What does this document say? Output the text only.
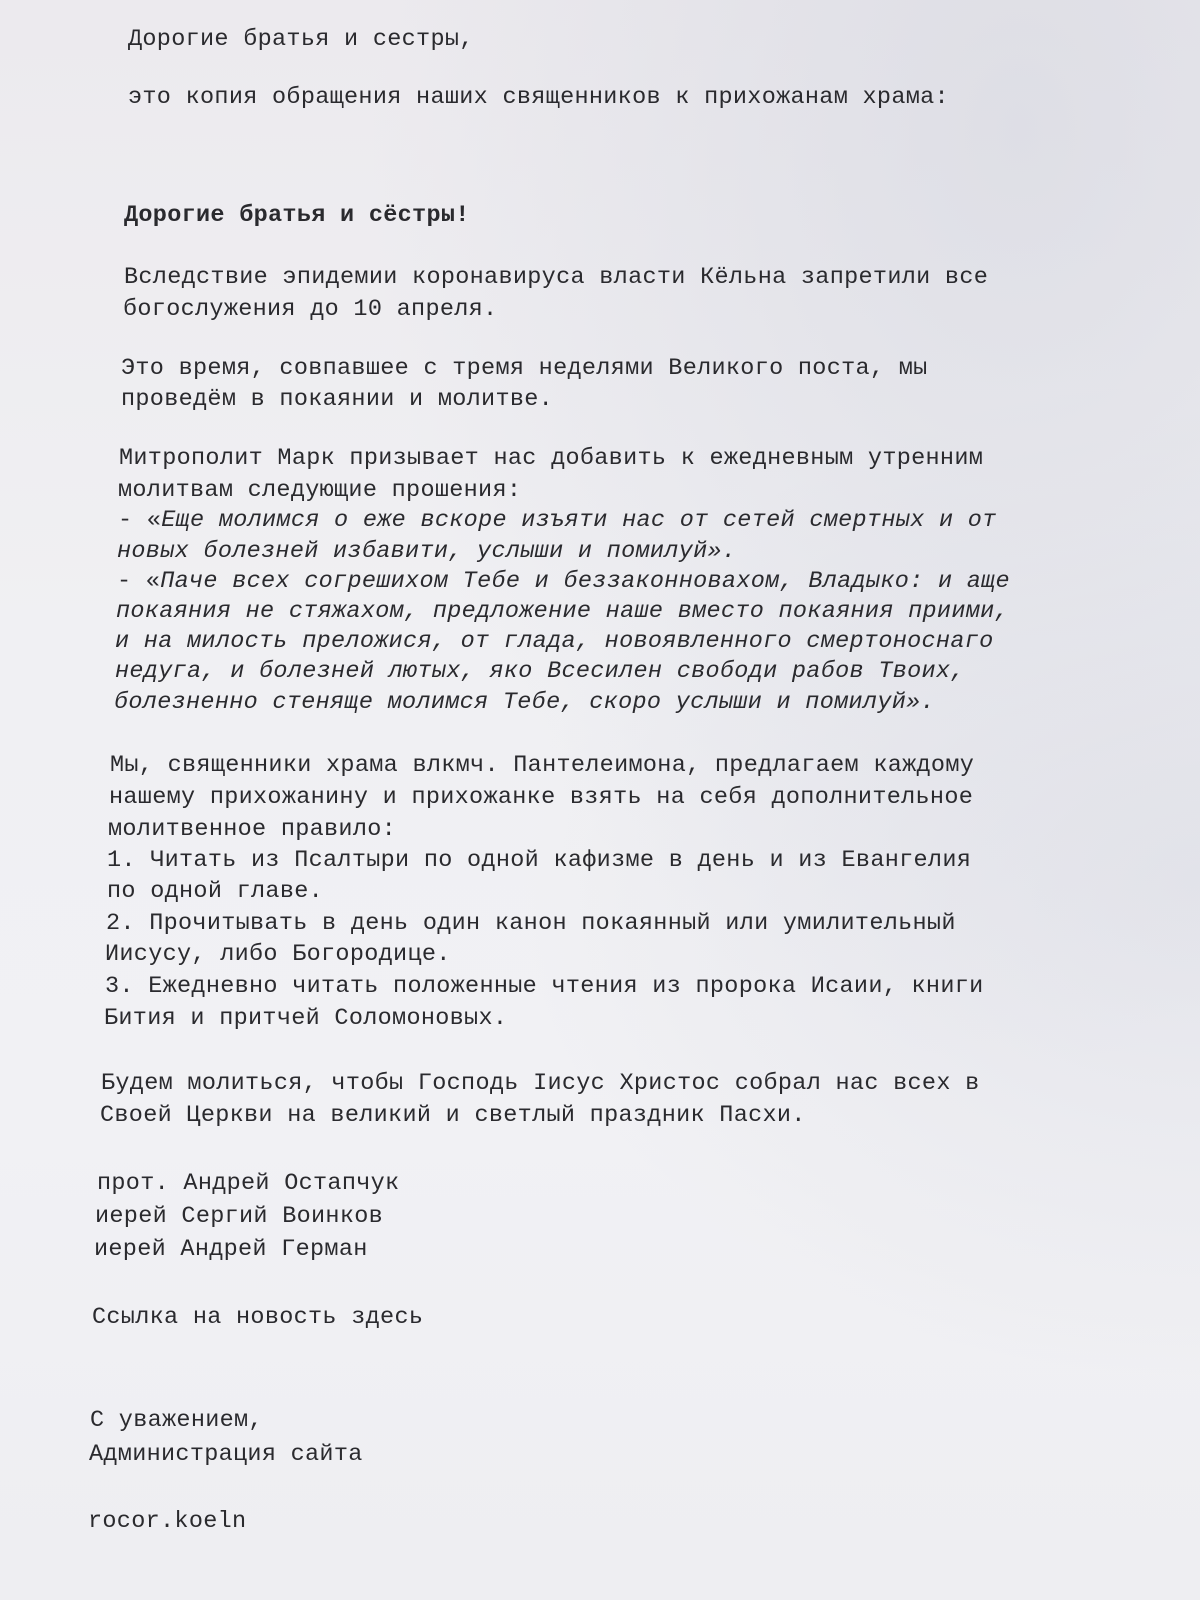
Дорогие братья и сестры,
это копия обращения наших священников к прихожанам храма:
Дорогие братья и сёстры!
Вследствие эпидемии коронавируса власти Кёльна запретили все
богослужения до 10 апреля.
Это время, совпавшее с тремя неделями Великого поста, мы
проведём в покаянии и молитве.
Митрополит Марк призывает нас добавить к ежедневным утренним
молитвам следующие прошения:
- «Еще молимся о еже вскоре изъяти нас от сетей смертных и от
новых болезней избавити, услыши и помилуй».
- «Паче всех согрешихом Тебе и беззаконновахом, Владыко: и аще
покаяния не стяжахом, предложение наше вместо покаяния приими,
и на милость преложися, от глада, новоявленного смертоноснаго
недуга, и болезней лютых, яко Всесилен свободи рабов Твоих,
болезненно стеняще молимся Тебе, скоро услыши и помилуй».
Мы, священники храма влкмч. Пантелеимона, предлагаем каждому
нашему прихожанину и прихожанке взять на себя дополнительное
молитвенное правило:
1. Читать из Псалтыри по одной кафизме в день и из Евангелия
по одной главе.
2. Прочитывать в день один канон покаянный или умилительный
Иисусу, либо Богородице.
3. Ежедневно читать положенные чтения из пророка Исаии, книги
Бития и притчей Соломоновых.
Будем молиться, чтобы Господь Іисус Христос собрал нас всех в
Своей Церкви на великий и светлый праздник Пасхи.
прот. Андрей Остапчук
иерей Сергий Воинков
иерей Андрей Герман
Ссылка на новость здесь
С уважением,
Администрация сайта
rocor.koeln
